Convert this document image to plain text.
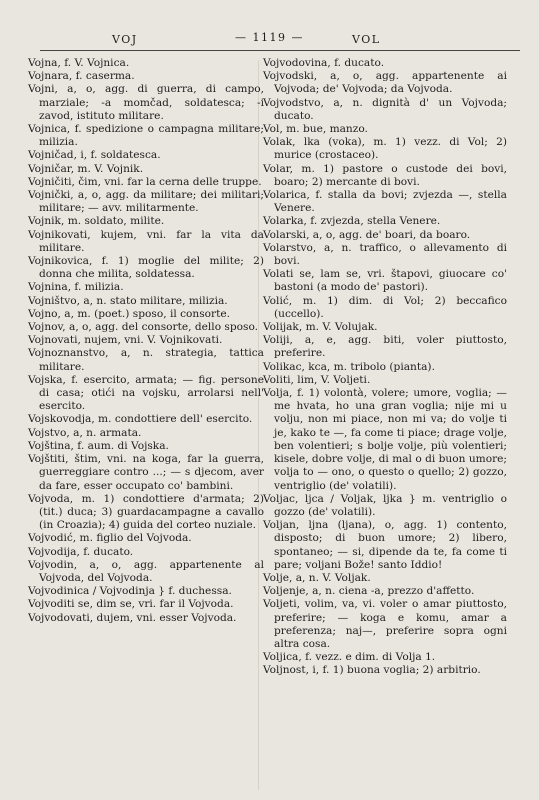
VOJ	— 1119 —	VOL

Vojna, f. V. Vojnica.

Vojnara, f. caserma.

Vojni, a, o, agg. di guerra, di campo, marziale; -a momčad, soldatesca; -i zavod, istituto militare.

Vojnica, f. spedizione o campagna militare; milizia.

Vojničad, i, f. soldatesca.

Vojničar, m. V. Vojnik.

Vojničiti, čim, vni. far la cerna delle truppe.

Vojnički, a, o, agg. da militare; dei militari; militare; — avv. militarmente.

Vojnik, m. soldato, milite.

Vojnikovati, kujem, vni. far la vita da militare.

Vojnikovica, f. 1) moglie del milite; 2) donna che milita, soldatessa.

Vojnina, f. milizia.

Vojništvo, a, n. stato militare, milizia.

Vojno, a, m. (poet.) sposo, il consorte.

Vojnov, a, o, agg. del consorte, dello sposo.

Vojnovati, nujem, vni. V. Vojnikovati.

Vojnoznanstvo, a, n. strategia, tattica militare.

Vojska, f. esercito, armata; — fig. persone di casa; otići na vojsku, arrolarsi nell' esercito.

Vojskovodja, m. condottiere dell' esercito.

Vojstvo, a, n. armata.

Vojština, f. aum. di Vojska.

Vojštiti, štim, vni. na koga, far la guerra, guerreggiare contro ...; — s djecom, aver da fare, esser occupato co' bambini.

Vojvoda, m. 1) condottiere d'armata; 2) (tit.) duca; 3) guardacampagne a cavallo (in Croazia); 4) guida del corteo nuziale.

Vojvodić, m. figlio del Vojvoda.

Vojvodija, f. ducato.

Vojvodin, a, o, agg. appartenente al Vojvoda, del Vojvoda.

Vojvodinica / Vojvodinja } f. duchessa.

Vojvoditi se, dim se, vri. far il Vojvoda.

Vojvodovati, dujem, vni. esser Vojvoda.

Vojvodovina, f. ducato.

Vojvodski, a, o, agg. appartenente ai Vojvoda; de' Vojvoda; da Vojvoda.

Vojvodstvo, a, n. dignità d' un Vojvoda; ducato.

Vol, m. bue, manzo.

Volak, lka (voka), m. 1) vezz. di Vol; 2) murice (crostaceo).

Volar, m. 1) pastore o custode dei bovi, boaro; 2) mercante di bovi.

Volarica, f. stalla da bovi; zvjezda —, stella Venere.

Volarka, f. zvjezda, stella Venere.

Volarski, a, o, agg. de' boari, da boaro.

Volarstvo, a, n. traffico, o allevamento di bovi.

Volati se, lam se, vri. štapovi, giuocare co' bastoni (a modo de' pastori).

Volić, m. 1) dim. di Vol; 2) beccafico (uccello).

Volijak, m. V. Volujak.

Voliji, a, e, agg. biti, voler piuttosto, preferire.

Volikac, kca, m. tribolo (pianta).

Voliti, lim, V. Volјeti.

Volja, f. 1) volontà, volere; umore, voglia; — me hvata, ho una gran voglia; nije mi u volju, non mi piace, non mi va; do volje ti je, kako te —, fa come ti piace; drage volje, ben volentieri; s bolje volje, più volentieri; kisele, dobre volje, di mal o di buon umore; volja to — ono, o questo o quello; 2) gozzo, ventriglio (de' volatili).

Voljac, ljca / Voljak, ljka } m. ventriglio o gozzo (de' volatili).

Voljan, ljna (ljana), o, agg. 1) contento, disposto; di buon umore; 2) libero, spontaneo; — si, dipende da te, fa come ti pare; voljani Bože! santo Iddio!

Volje, a, n. V. Voljak.

Voljenje, a, n. ciena -a, prezzo d'affetto.

Voljeti, volim, va, vi. voler o amar piuttosto, preferire; — koga e komu, amar a preferenza; naj—, preferire sopra ogni altra cosa.

Voljica, f. vezz. e dim. di Volja 1.

Voljnost, i, f. 1) buona voglia; 2) arbitrio.
